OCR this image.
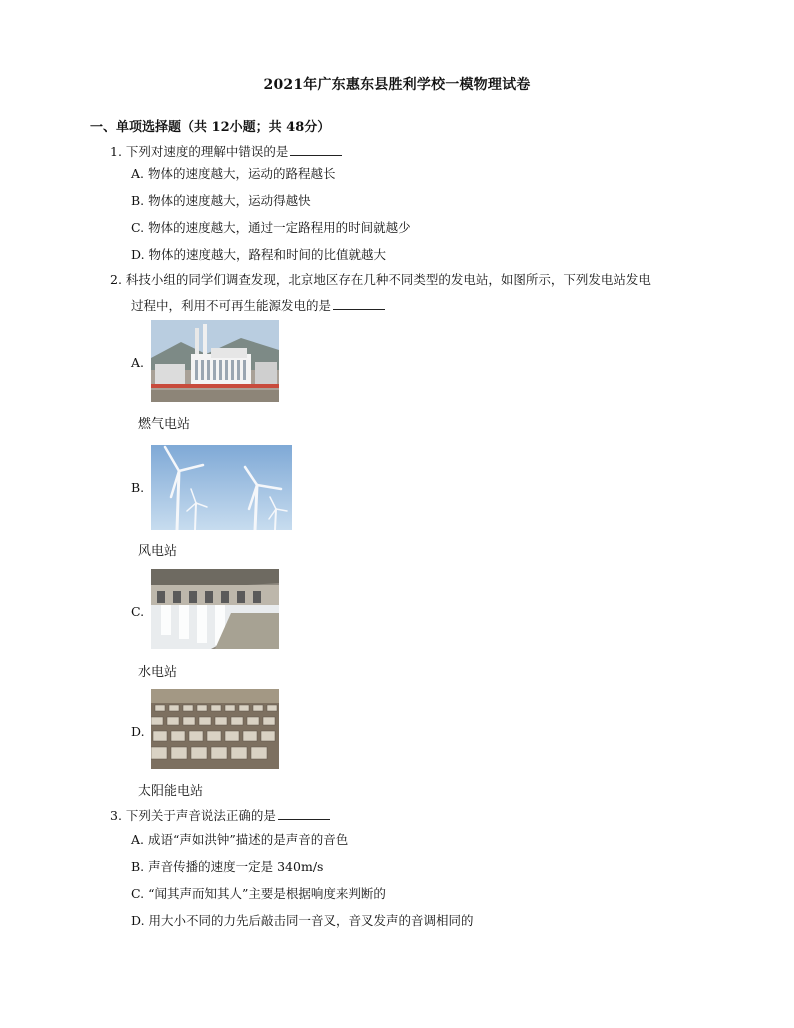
2021年广东惠东县胜利学校一模物理试卷
一、单项选择题（共 12小题；共 48分）
1. 下列对速度的理解中错误的是
A. 物体的速度越大，运动的路程越长
B. 物体的速度越大，运动得越快
C. 物体的速度越大，通过一定路程用的时间就越少
D. 物体的速度越大，路程和时间的比值就越大
2. 科技小组的同学们调查发现，北京地区存在几种不同类型的发电站，如图所示，下列发电站发电
过程中，利用不可再生能源发电的是
A.
燃气电站
B.
风电站
C.
水电站
D.
太阳能电站
3. 下列关于声音说法正确的是
A. 成语“声如洪钟”描述的是声音的音色
B. 声音传播的速度一定是 340m/s
C. “闻其声而知其人”主要是根据响度来判断的
D. 用大小不同的力先后敲击同一音叉，音叉发声的音调相同的
